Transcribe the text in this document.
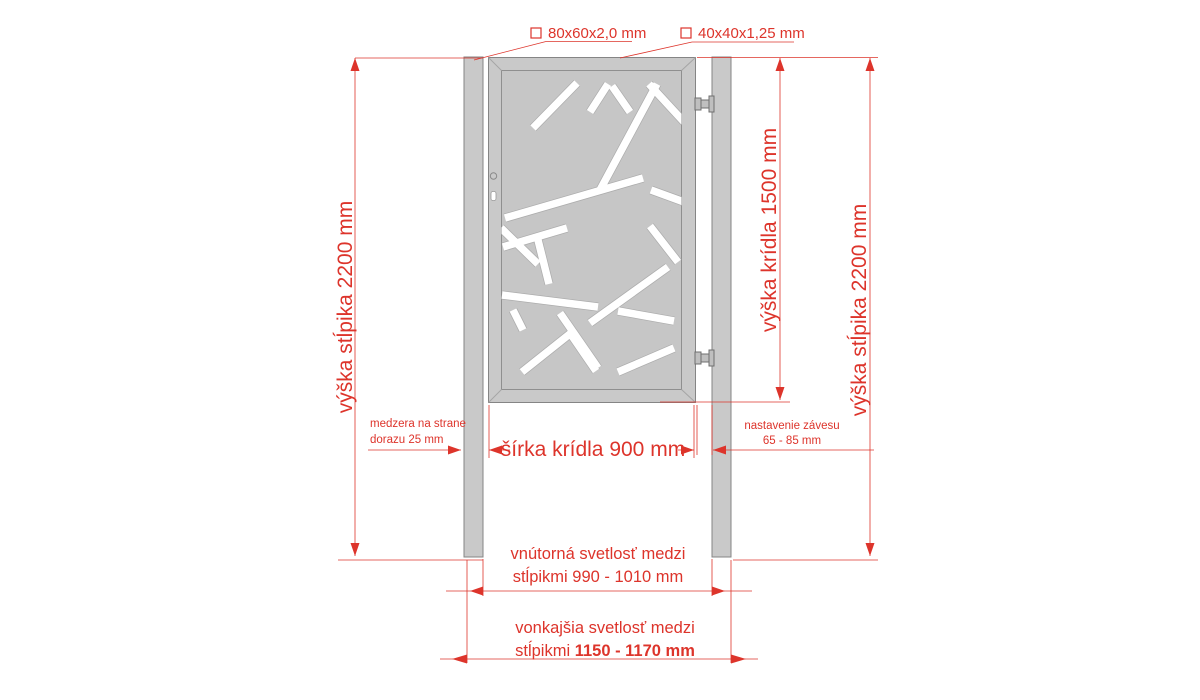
80x60x2,0 mm	40x40x1,25 mm
výška stĺpika 2200 mm	výška stĺpika 2200 mm
výška krídla 1500 mm
šírka krídla 900 mm
medzera na strane
dorazu 25 mm
nastavenie závesu
65 - 85 mm
vnútorná svetlosť medzi
stĺpikmi 990 - 1010 mm
vonkajšia svetlosť medzi
stĺpikmi 1150 - 1170 mm
